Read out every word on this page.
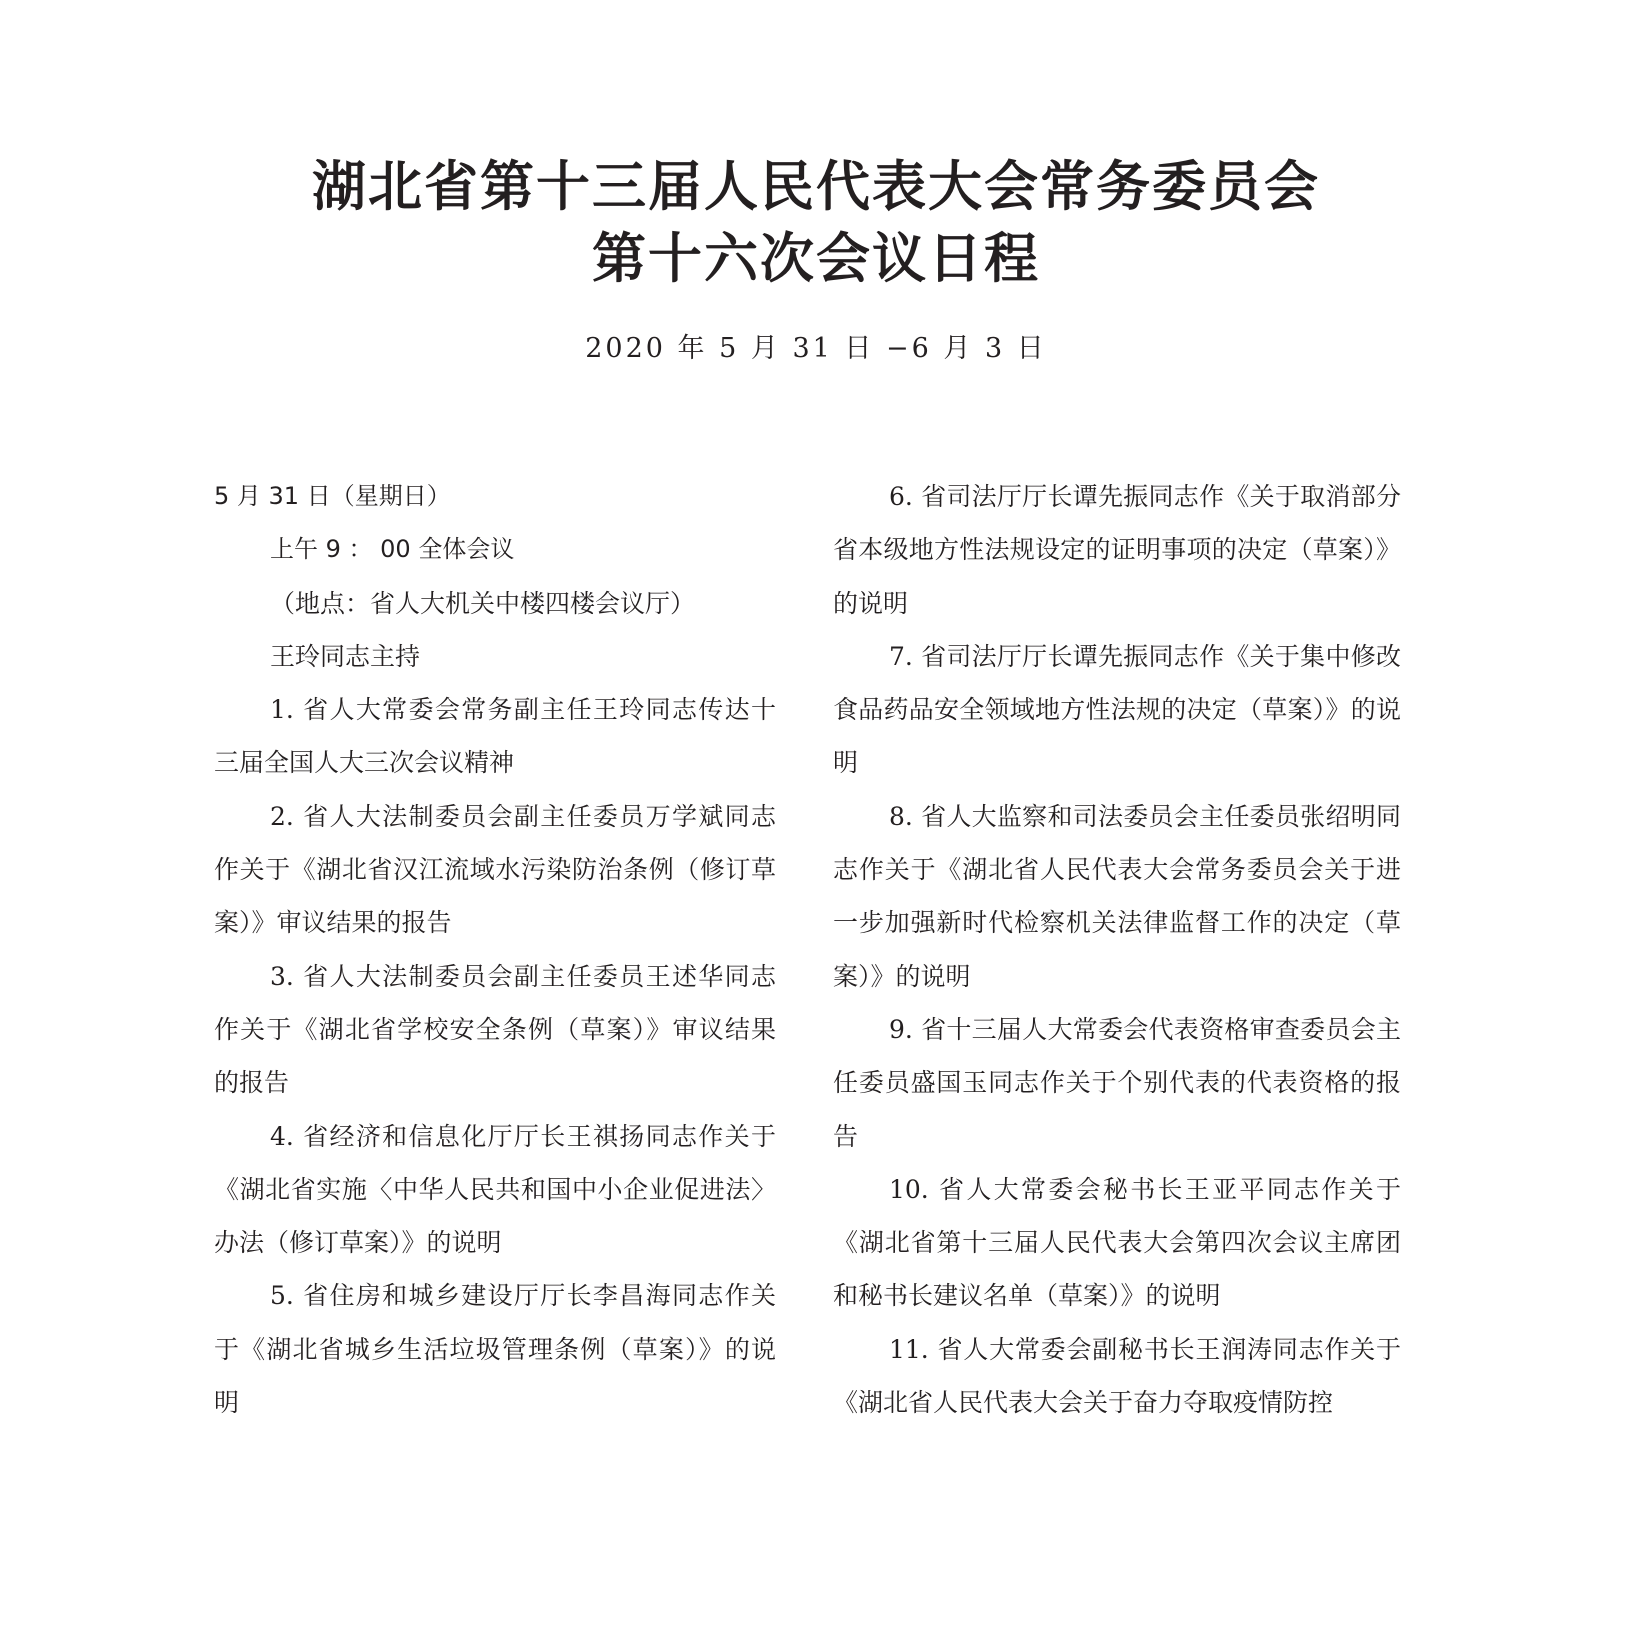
湖北省第十三届人民代表大会常务委员会
第十六次会议日程
2020 年 5 月 31 日 −6 月 3 日

5 月 31 日（星期日）

上午 9 ： 00 全体会议

（地点：省人大机关中楼四楼会议厅）

王玲同志主持

1. 省人大常委会常务副主任王玲同志传达十三届全国人大三次会议精神

2. 省人大法制委员会副主任委员万学斌同志作关于《湖北省汉江流域水污染防治条例（修订草案）》审议结果的报告

3. 省人大法制委员会副主任委员王述华同志作关于《湖北省学校安全条例（草案）》审议结果的报告

4. 省经济和信息化厅厅长王祺扬同志作关于《湖北省实施〈中华人民共和国中小企业促进法〉办法（修订草案）》的说明

5. 省住房和城乡建设厅厅长李昌海同志作关于《湖北省城乡生活垃圾管理条例（草案）》的说明

6. 省司法厅厅长谭先振同志作《关于取消部分省本级地方性法规设定的证明事项的决定（草案）》的说明

7. 省司法厅厅长谭先振同志作《关于集中修改食品药品安全领域地方性法规的决定（草案）》的说明

8. 省人大监察和司法委员会主任委员张绍明同志作关于《湖北省人民代表大会常务委员会关于进一步加强新时代检察机关法律监督工作的决定（草案）》的说明

9. 省十三届人大常委会代表资格审查委员会主任委员盛国玉同志作关于个别代表的代表资格的报告

10. 省人大常委会秘书长王亚平同志作关于《湖北省第十三届人民代表大会第四次会议主席团和秘书长建议名单（草案）》的说明

11. 省人大常委会副秘书长王润涛同志作关于《湖北省人民代表大会关于奋力夺取疫情防控
